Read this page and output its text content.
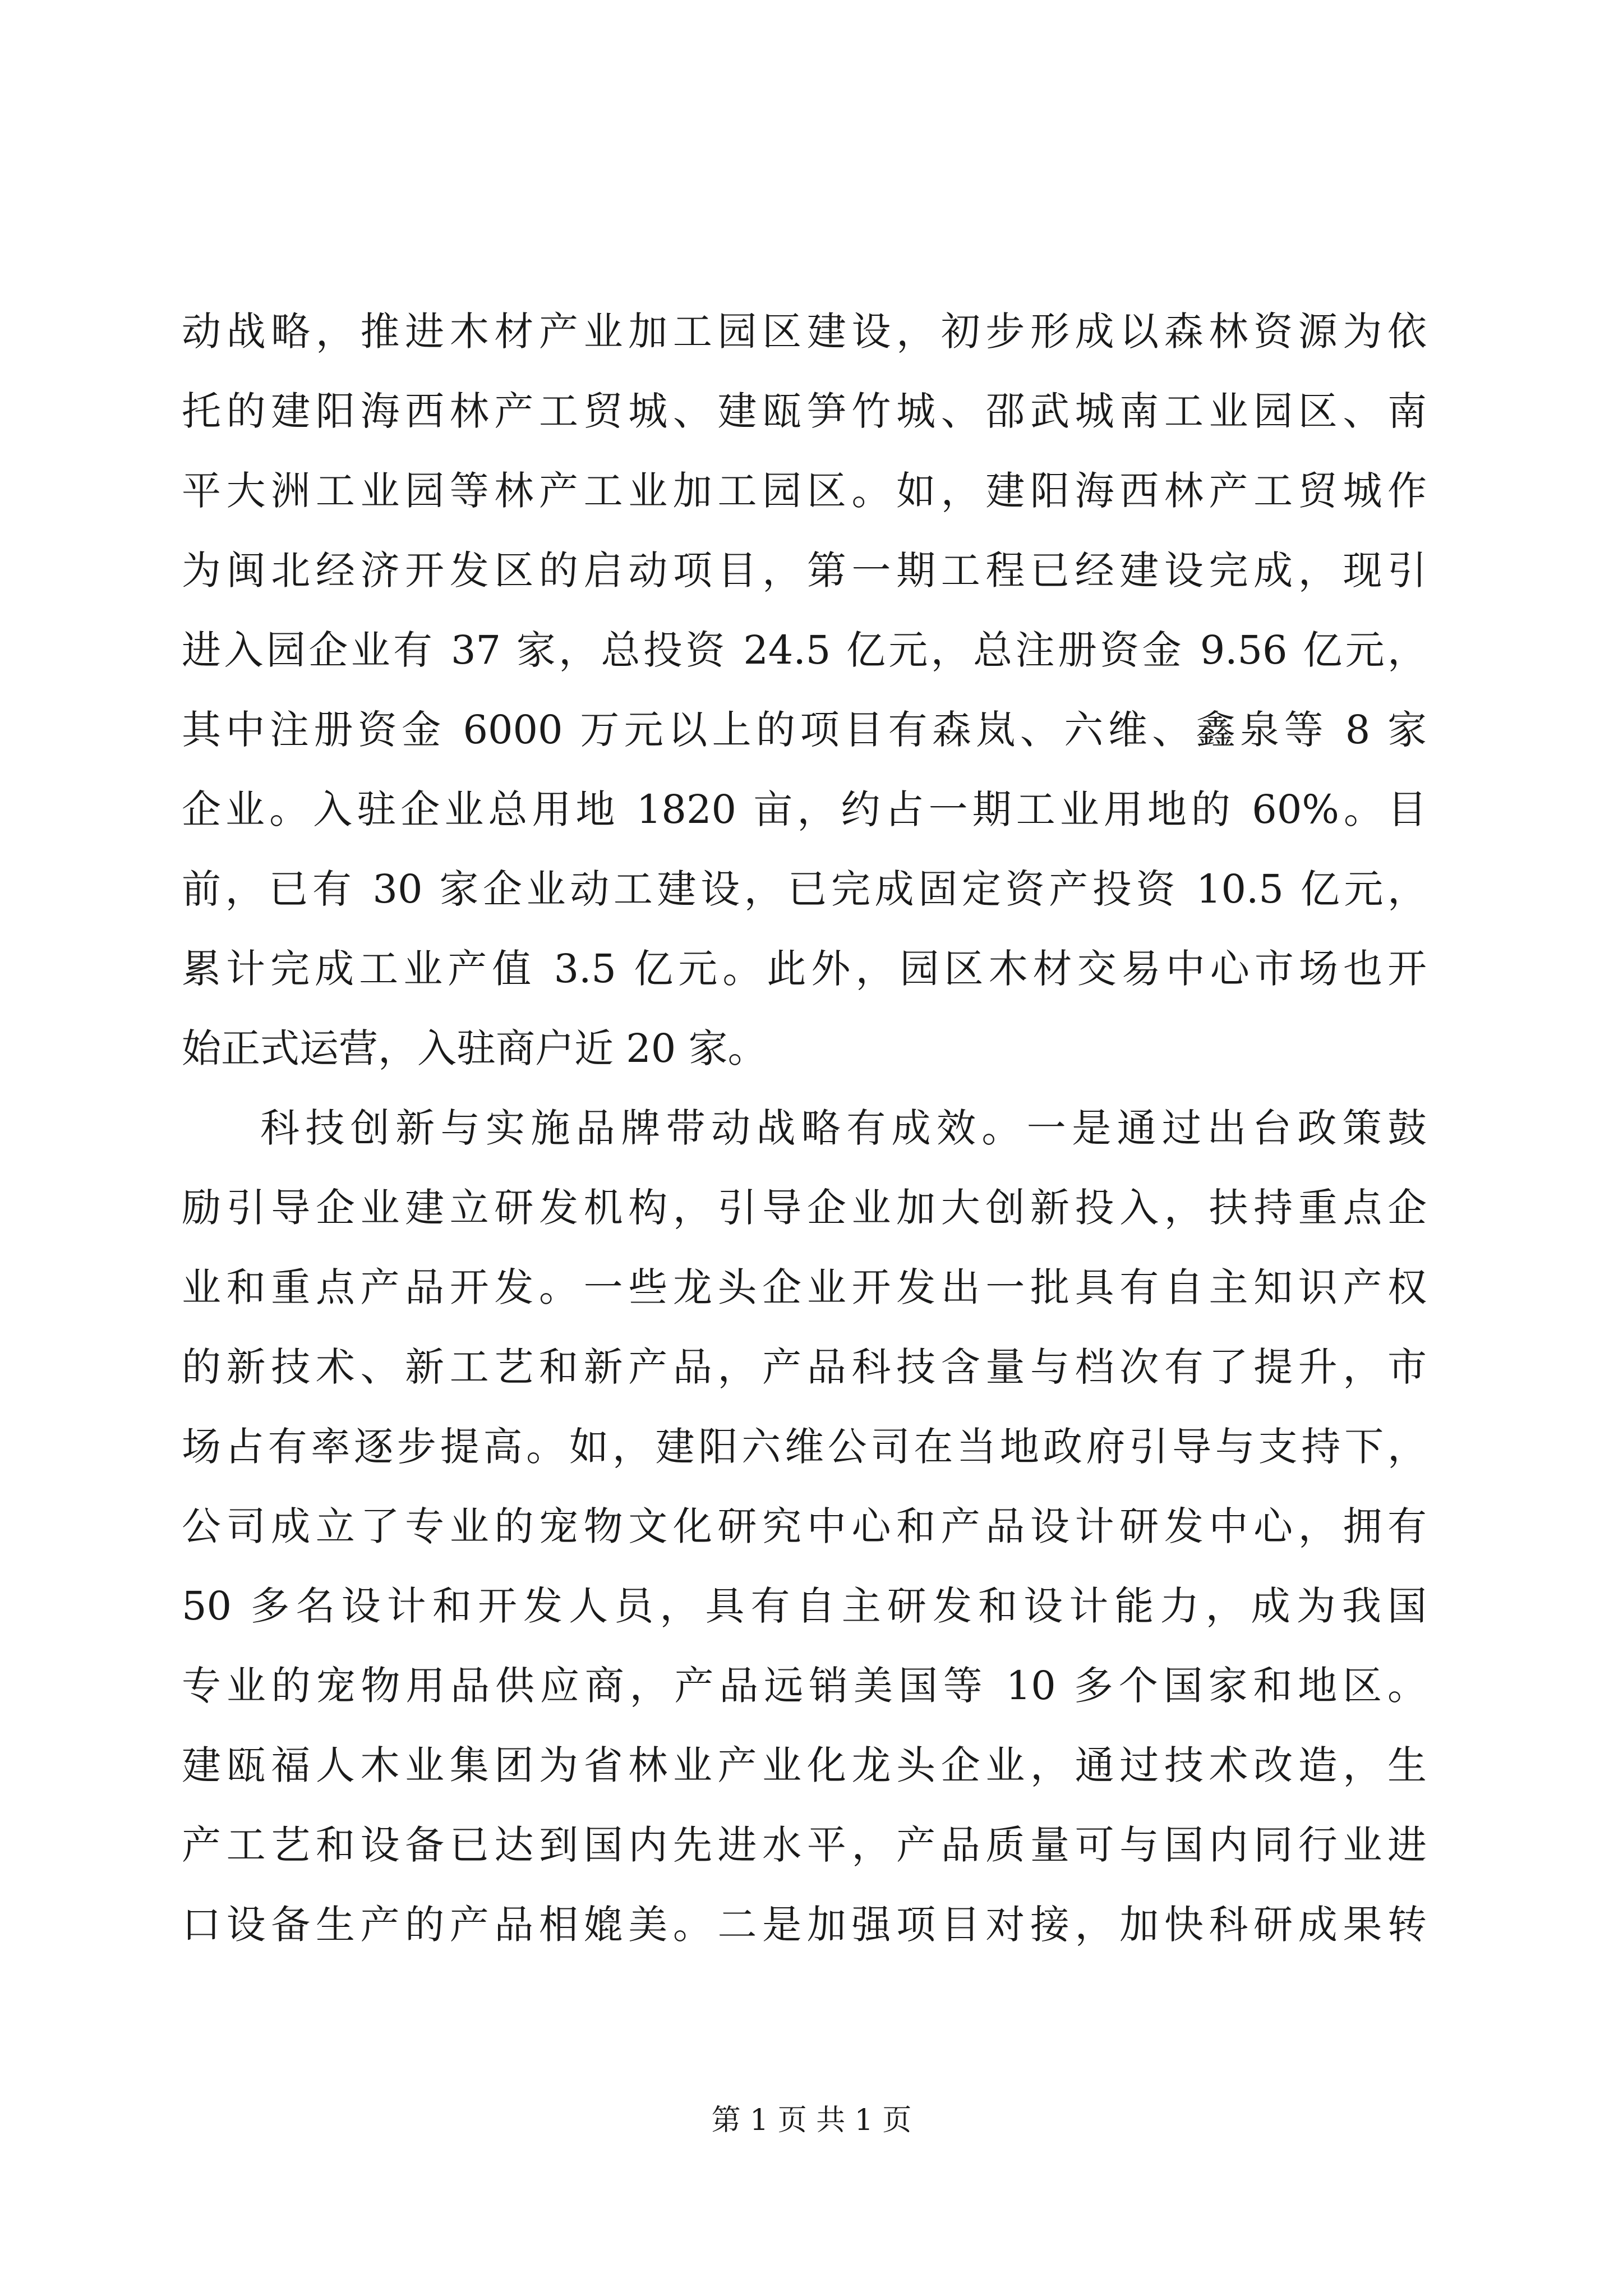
动战略，推进木材产业加工园区建设，初步形成以森林资源为依
托的建阳海西林产工贸城、建瓯笋竹城、邵武城南工业园区、南
平大洲工业园等林产工业加工园区。如，建阳海西林产工贸城作
为闽北经济开发区的启动项目，第一期工程已经建设完成，现引
进入园企业有 37 家，总投资 24.5 亿元，总注册资金 9.56 亿元，
其中注册资金 6000 万元以上的项目有森岚、六维、鑫泉等 8 家
企业。入驻企业总用地 1820 亩，约占一期工业用地的 60%。目
前，已有 30 家企业动工建设，已完成固定资产投资 10.5 亿元，
累计完成工业产值 3.5 亿元。此外，园区木材交易中心市场也开
始正式运营，入驻商户近 20 家。
科技创新与实施品牌带动战略有成效。一是通过出台政策鼓
励引导企业建立研发机构，引导企业加大创新投入，扶持重点企
业和重点产品开发。一些龙头企业开发出一批具有自主知识产权
的新技术、新工艺和新产品，产品科技含量与档次有了提升，市
场占有率逐步提高。如，建阳六维公司在当地政府引导与支持下，
公司成立了专业的宠物文化研究中心和产品设计研发中心，拥有
50 多名设计和开发人员，具有自主研发和设计能力，成为我国
专业的宠物用品供应商，产品远销美国等 10 多个国家和地区。
建瓯福人木业集团为省林业产业化龙头企业，通过技术改造，生
产工艺和设备已达到国内先进水平，产品质量可与国内同行业进
口设备生产的产品相媲美。二是加强项目对接，加快科研成果转
第 1 页 共 1 页
